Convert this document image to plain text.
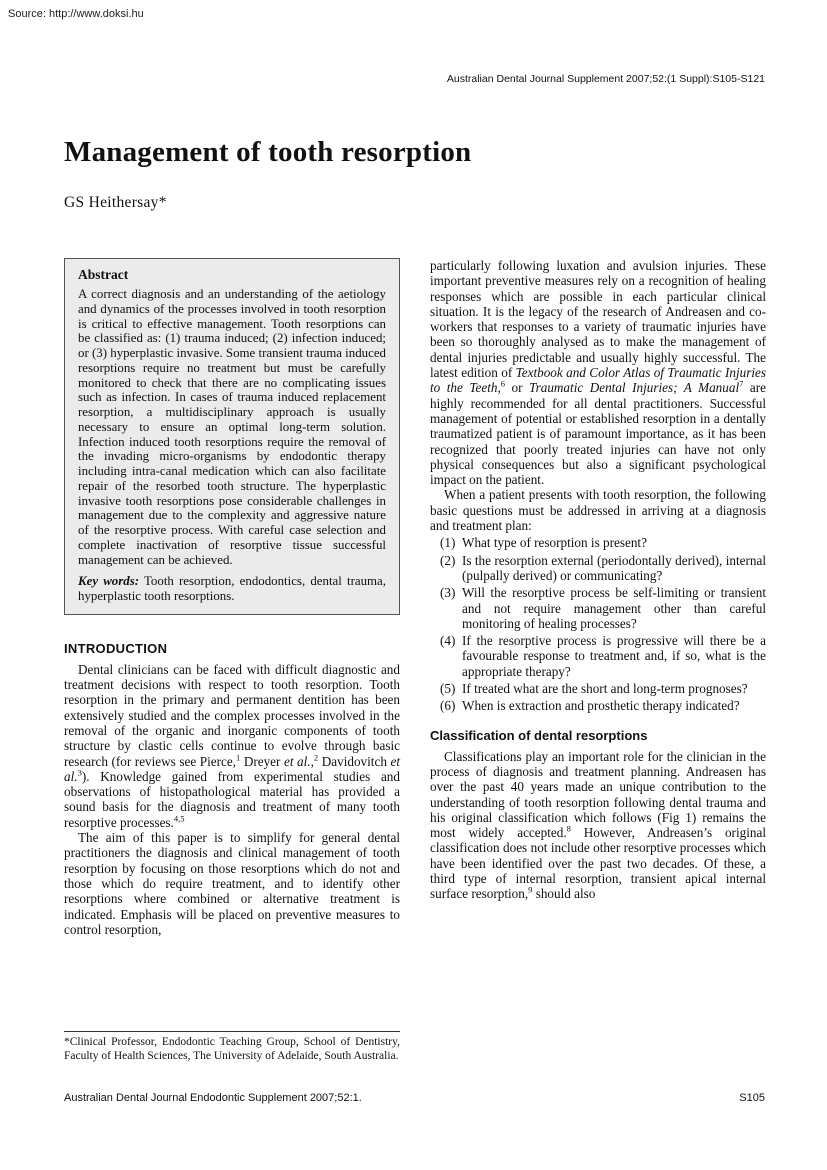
Source: http://www.doksi.hu
Australian Dental Journal Supplement 2007;52:(1 Suppl):S105-S121
Management of tooth resorption
GS Heithersay*
Abstract

A correct diagnosis and an understanding of the aetiology and dynamics of the processes involved in tooth resorption is critical to effective management. Tooth resorptions can be classified as: (1) trauma induced; (2) infection induced; or (3) hyperplastic invasive. Some transient trauma induced resorptions require no treatment but must be carefully monitored to check that there are no complicating issues such as infection. In cases of trauma induced replacement resorption, a multidisciplinary approach is usually necessary to ensure an optimal long-term solution. Infection induced tooth resorptions require the removal of the invading micro-organisms by endodontic therapy including intra-canal medication which can also facilitate repair of the resorbed tooth structure. The hyperplastic invasive tooth resorptions pose considerable challenges in management due to the complexity and aggressive nature of the resorptive process. With careful case selection and complete inactivation of resorptive tissue successful management can be achieved.

Key words: Tooth resorption, endodontics, dental trauma, hyperplastic tooth resorptions.

INTRODUCTION

Dental clinicians can be faced with difficult diagnostic and treatment decisions with respect to tooth resorption. Tooth resorption in the primary and permanent dentition has been extensively studied and the complex processes involved in the removal of the organic and inorganic components of tooth structure by clastic cells continue to evolve through basic research (for reviews see Pierce,$^1$ Dreyer et al.,$^2$ Davidovitch et al.$^3$). Knowledge gained from experimental studies and observations of histopathological material has provided a sound basis for the diagnosis and treatment of many tooth resorptive processes.$^{4,5}$

The aim of this paper is to simplify for general dental practitioners the diagnosis and clinical management of tooth resorption by focusing on those resorptions which do not and those which do require treatment, and to identify other resorptions where combined or alternative treatment is indicated. Emphasis will be placed on preventive measures to control resorption,

particularly following luxation and avulsion injuries. These important preventive measures rely on a recognition of healing responses which are possible in each particular clinical situation. It is the legacy of the research of Andreasen and co-workers that responses to a variety of traumatic injuries have been so thoroughly analysed as to make the management of dental injuries predictable and usually highly successful. The latest edition of Textbook and Color Atlas of Traumatic Injuries to the Teeth,$^6$ or Traumatic Dental Injuries; A Manual$^7$ are highly recommended for all dental practitioners. Successful management of potential or established resorption in a dentally traumatized patient is of paramount importance, as it has been recognized that poorly treated injuries can have not only physical consequences but also a significant psychological impact on the patient.

When a patient presents with tooth resorption, the following basic questions must be addressed in arriving at a diagnosis and treatment plan:

(1) What type of resorption is present?
(2) Is the resorption external (periodontally derived), internal (pulpally derived) or communicating?
(3) Will the resorptive process be self-limiting or transient and not require management other than careful monitoring of healing processes?
(4) If the resorptive process is progressive will there be a favourable response to treatment and, if so, what is the appropriate therapy?
(5) If treated what are the short and long-term prognoses?
(6) When is extraction and prosthetic therapy indicated?
Classification of dental resorptions

Classifications play an important role for the clinician in the process of diagnosis and treatment planning. Andreasen has over the past 40 years made an unique contribution to the understanding of tooth resorption following dental trauma and his original classification which follows (Fig 1) remains the most widely accepted.$^8$ However, Andreasen’s original classification does not include other resorptive processes which have been identified over the past two decades. Of these, a third type of internal resorption, transient apical internal surface resorption,$^9$ should also

*Clinical Professor, Endodontic Teaching Group, School of Dentistry, Faculty of Health Sciences, The University of Adelaide, South Australia.
Australian Dental Journal Endodontic Supplement 2007;52:1.	S105
